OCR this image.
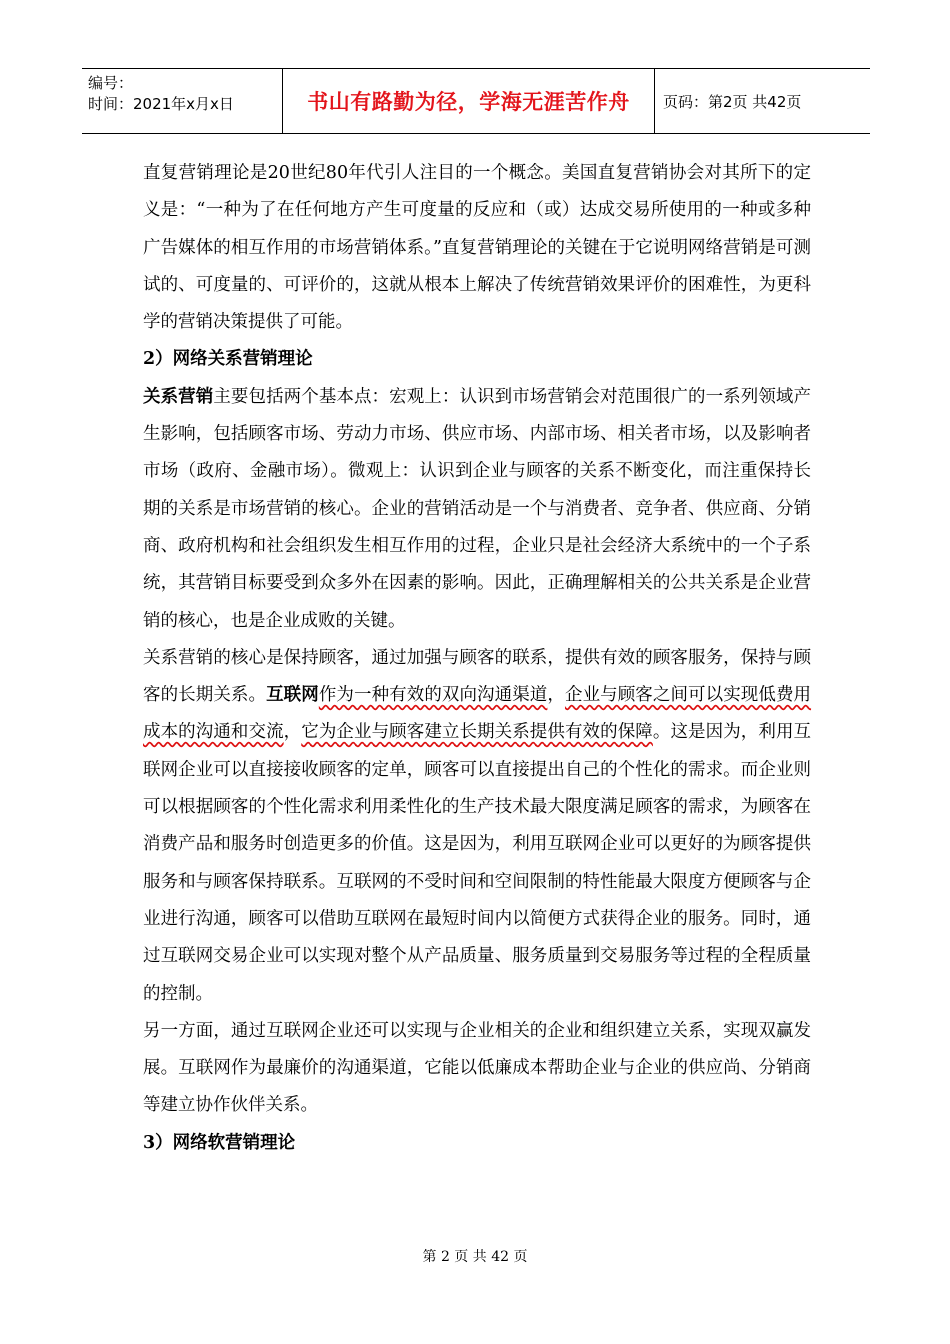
编号：
时间：2021年x月x日	书山有路勤为径，学海无涯苦作舟	页码：第2页 共42页

直复营销理论是20世纪80年代引人注目的一个概念。美国直复营销协会对其所下的定义是：“一种为了在任何地方产生可度量的反应和（或）达成交易所使用的一种或多种广告媒体的相互作用的市场营销体系。”直复营销理论的关键在于它说明网络营销是可测试的、可度量的、可评价的，这就从根本上解决了传统营销效果评价的困难性，为更科学的营销决策提供了可能。

2）网络关系营销理论

关系营销主要包括两个基本点：宏观上：认识到市场营销会对范围很广的一系列领域产生影响，包括顾客市场、劳动力市场、供应市场、内部市场、相关者市场，以及影响者市场（政府、金融市场）。微观上：认识到企业与顾客的关系不断变化，而注重保持长期的关系是市场营销的核心。企业的营销活动是一个与消费者、竞争者、供应商、分销商、政府机构和社会组织发生相互作用的过程，企业只是社会经济大系统中的一个子系统，其营销目标要受到众多外在因素的影响。因此，正确理解相关的公共关系是企业营销的核心，也是企业成败的关键。

关系营销的核心是保持顾客，通过加强与顾客的联系，提供有效的顾客服务，保持与顾客的长期关系。互联网作为一种有效的双向沟通渠道，企业与顾客之间可以实现低费用成本的沟通和交流，它为企业与顾客建立长期关系提供有效的保障。这是因为，利用互联网企业可以直接接收顾客的定单，顾客可以直接提出自己的个性化的需求。而企业则可以根据顾客的个性化需求利用柔性化的生产技术最大限度满足顾客的需求，为顾客在消费产品和服务时创造更多的价值。这是因为，利用互联网企业可以更好的为顾客提供服务和与顾客保持联系。互联网的不受时间和空间限制的特性能最大限度方便顾客与企业进行沟通，顾客可以借助互联网在最短时间内以简便方式获得企业的服务。同时，通过互联网交易企业可以实现对整个从产品质量、服务质量到交易服务等过程的全程质量的控制。

另一方面，通过互联网企业还可以实现与企业相关的企业和组织建立关系，实现双赢发展。互联网作为最廉价的沟通渠道，它能以低廉成本帮助企业与企业的供应尚、分销商等建立协作伙伴关系。

3）网络软营销理论

第 2 页 共 42 页
